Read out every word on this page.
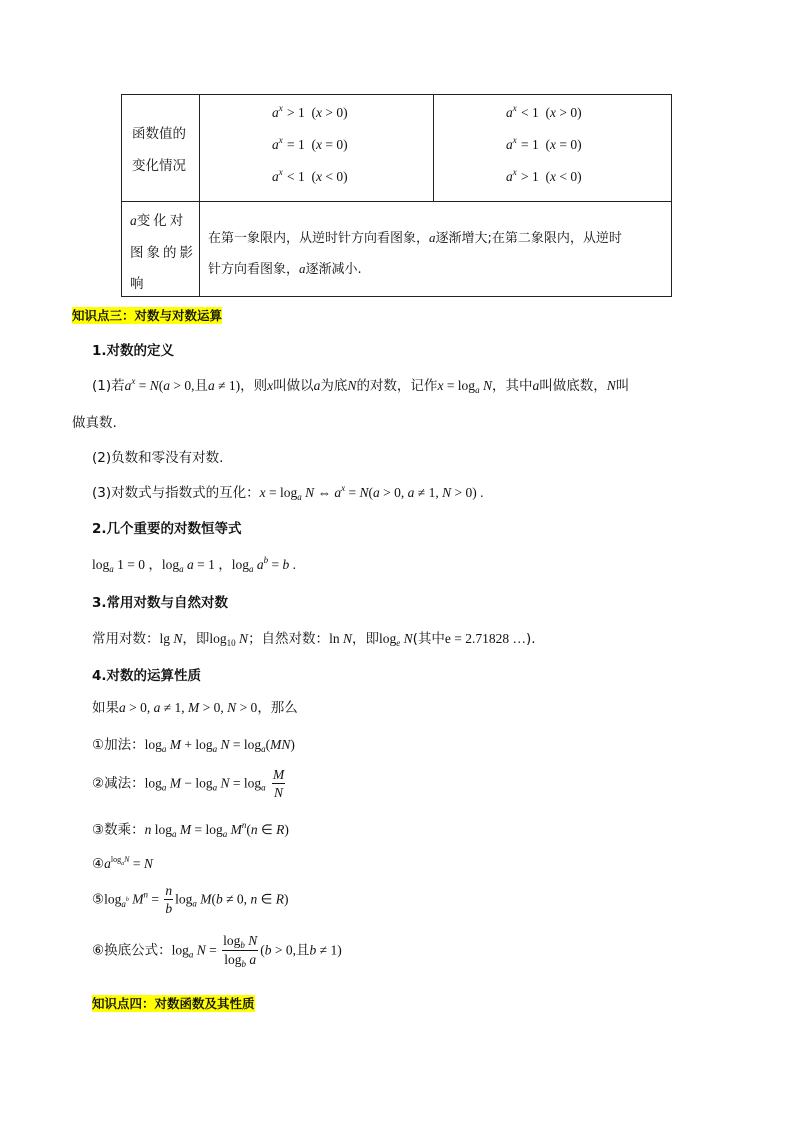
函数值的
变化情况
$a^x > 1$  (x > 0)
$a^x = 1$  (x = 0)
$a^x < 1$  (x < 0)
$a^x < 1$  (x > 0)
$a^x = 1$  (x = 0)
$a^x > 1$  (x < 0)
a变化对
图象的影
响
在第一象限内，从逆时针方向看图象，a逐渐增大;在第二象限内，从逆时
针方向看图象，a逐渐减小.
知识点三：对数与对数运算
1.对数的定义
(1)若$a^x = N(a > 0$,且a ≠ 1)，则x叫做以a为底N的对数，记作$x = \log_a N$，其中a叫做底数，N叫
做真数.
(2)负数和零没有对数.
(3)对数式与指数式的互化：$x = \log_a N$ ⇔ $a^x = N(a > 0$, a ≠ 1, N > 0) .
2.几个重要的对数恒等式
$\log_a 1 = 0$ ，$\log_a a = 1$ ，$\log_a a^b = b$ .
3.常用对数与自然对数
常用对数：lg N，即$\log_{10} N$；自然对数：ln N，即$\log_e N$(其中e = 2.71828 …).
4.对数的运算性质
如果a > 0, a ≠ 1, M > 0, N > 0，那么
①加法：$\log_a M + \log_a N = \log_a(MN)$
②减法：$\log_a M - \log_a N = \log_a \frac{M}{N}$
③数乘：n $\log_a M = \log_a M^n(n$ ∈ R)
$④a^{log_aN} = N$
$⑤\log_{a^b}$ $M^n = \frac{n}{b} \log_a M(b \ne 0$, n ∈ R)
⑥换底公式：$\log_a N = \frac{\log_b N}{\log_b a} (b > 0$,且b ≠ 1)
知识点四：对数函数及其性质
